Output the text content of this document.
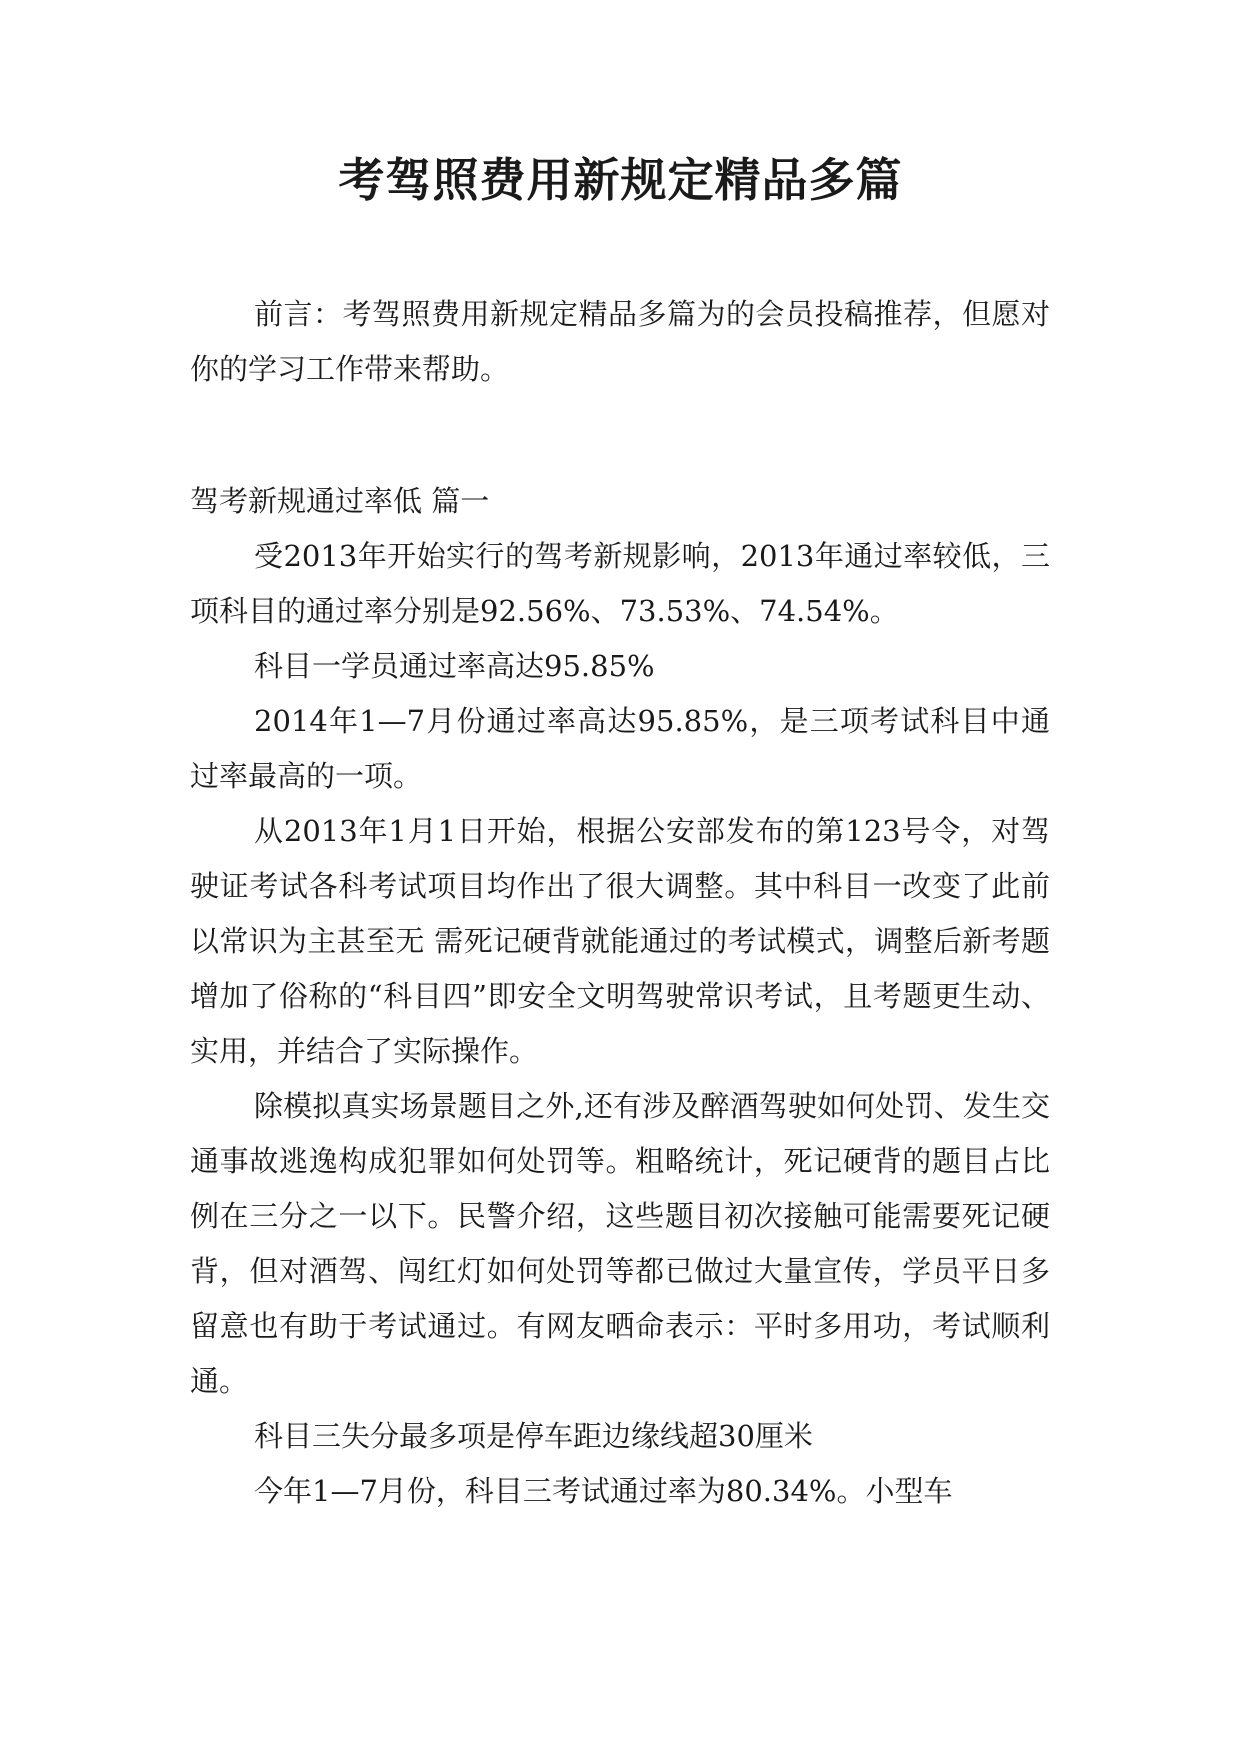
考驾照费用新规定精品多篇

前言：考驾照费用新规定精品多篇为的会员投稿推荐，但愿对你的学习工作带来帮助。

驾考新规通过率低 篇一

受2013年开始实行的驾考新规影响，2013年通过率较低，三项科目的通过率分别是92.56%、73.53%、74.54%。

科目一学员通过率高达95.85%

2014年1—7月份通过率高达95.85%，是三项考试科目中通过率最高的一项。

从2013年1月1日开始，根据公安部发布的第123号令，对驾驶证考试各科考试项目均作出了很大调整。其中科目一改变了此前以常识为主甚至无 需死记硬背就能通过的考试模式，调整后新考题增加了俗称的“科目四”即安全文明驾驶常识考试，且考题更生动、实用，并结合了实际操作。

除模拟真实场景题目之外,还有涉及醉酒驾驶如何处罚、发生交通事故逃逸构成犯罪如何处罚等。粗略统计，死记硬背的题目占比例在三分之一以下。民警介绍，这些题目初次接触可能需要死记硬背，但对酒驾、闯红灯如何处罚等都已做过大量宣传，学员平日多留意也有助于考试通过。有网友晒命表示：平时多用功，考试顺利通。

科目三失分最多项是停车距边缘线超30厘米

今年1—7月份，科目三考试通过率为80.34%。小型车
